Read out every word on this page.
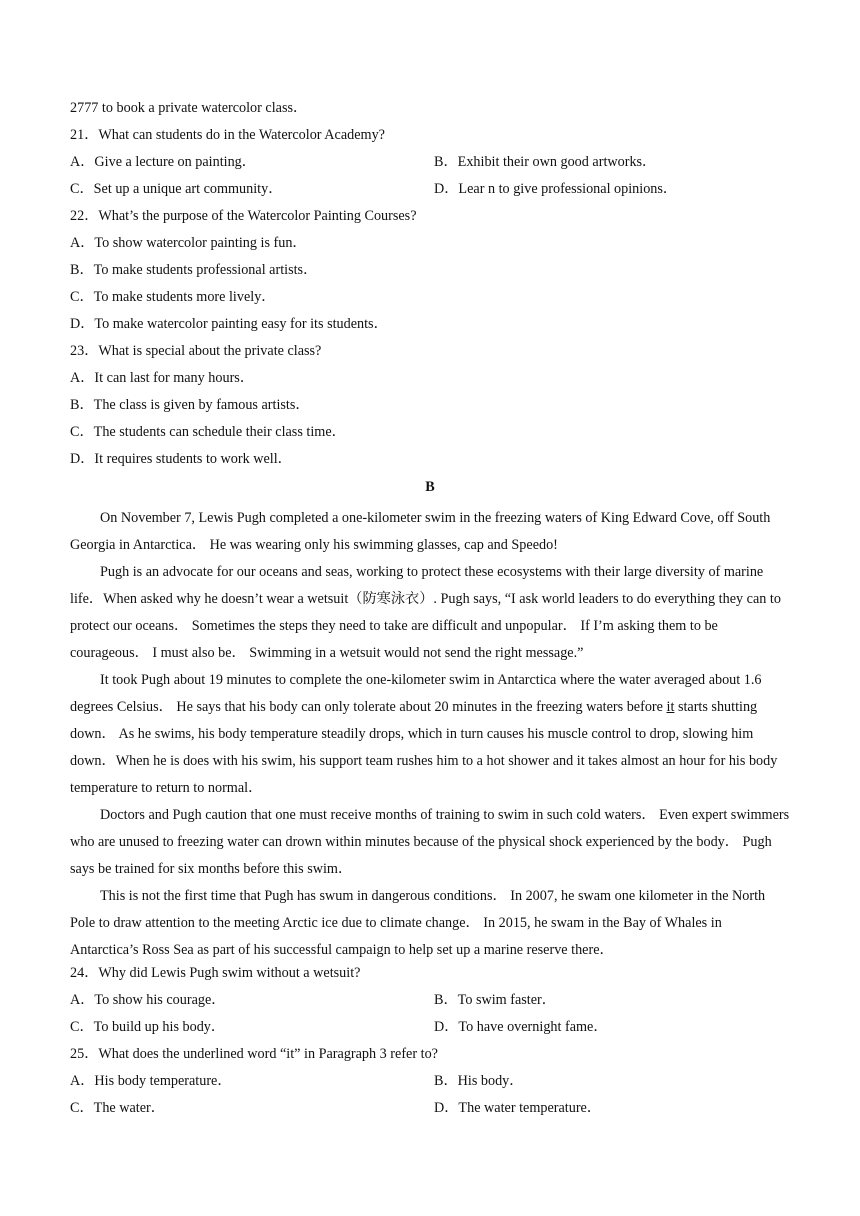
2777 to book a private watercolor class．
21．What can students do in the Watercolor Academy?
A．Give a lecture on painting．	B．Exhibit their own good artworks．
C．Set up a unique art community．	D．Lear n to give professional opinions．
22．What’s the purpose of the Watercolor Painting Courses?
A．To show watercolor painting is fun．
B．To make students professional artists．
C．To make students more lively．
D．To make watercolor painting easy for its students．
23．What is special about the private class?
A．It can last for many hours．
B．The class is given by famous artists．
C．The students can schedule their class time．
D．It requires students to work well．
B
On November 7, Lewis Pugh completed a one-kilometer swim in the freezing waters of King Edward Cove, off South Georgia in Antarctica． He was wearing only his swimming glasses, cap and Speedo!
Pugh is an advocate for our oceans and seas, working to protect these ecosystems with their large diversity of marine life．When asked why he doesn’t wear a wetsuit（防寒泳衣）. Pugh says, “I ask world leaders to do everything they can to protect our oceans． Sometimes the steps they need to take are difficult and unpopular． If I’m asking them to be courageous． I must also be． Swimming in a wetsuit would not send the right message.”
It took Pugh about 19 minutes to complete the one-kilometer swim in Antarctica where the water averaged about 1.6 degrees Celsius． He says that his body can only tolerate about 20 minutes in the freezing waters before it starts shutting down． As he swims, his body temperature steadily drops, which in turn causes his muscle control to drop, slowing him down．When he is does with his swim, his support team rushes him to a hot shower and it takes almost an hour for his body temperature to return to normal．
Doctors and Pugh caution that one must receive months of training to swim in such cold waters． Even expert swimmers who are unused to freezing water can drown within minutes because of the physical shock experienced by the body． Pugh says be trained for six months before this swim．
This is not the first time that Pugh has swum in dangerous conditions． In 2007, he swam one kilometer in the North Pole to draw attention to the meeting Arctic ice due to climate change． In 2015, he swam in the Bay of Whales in Antarctica’s Ross Sea as part of his successful campaign to help set up a marine reserve there．
24．Why did Lewis Pugh swim without a wetsuit?
A．To show his courage．	B．To swim faster．
C．To build up his body．	D．To have overnight fame．
25．What does the underlined word “it” in Paragraph 3 refer to?
A．His body temperature．	B．His body．
C．The water．	D．The water temperature．
